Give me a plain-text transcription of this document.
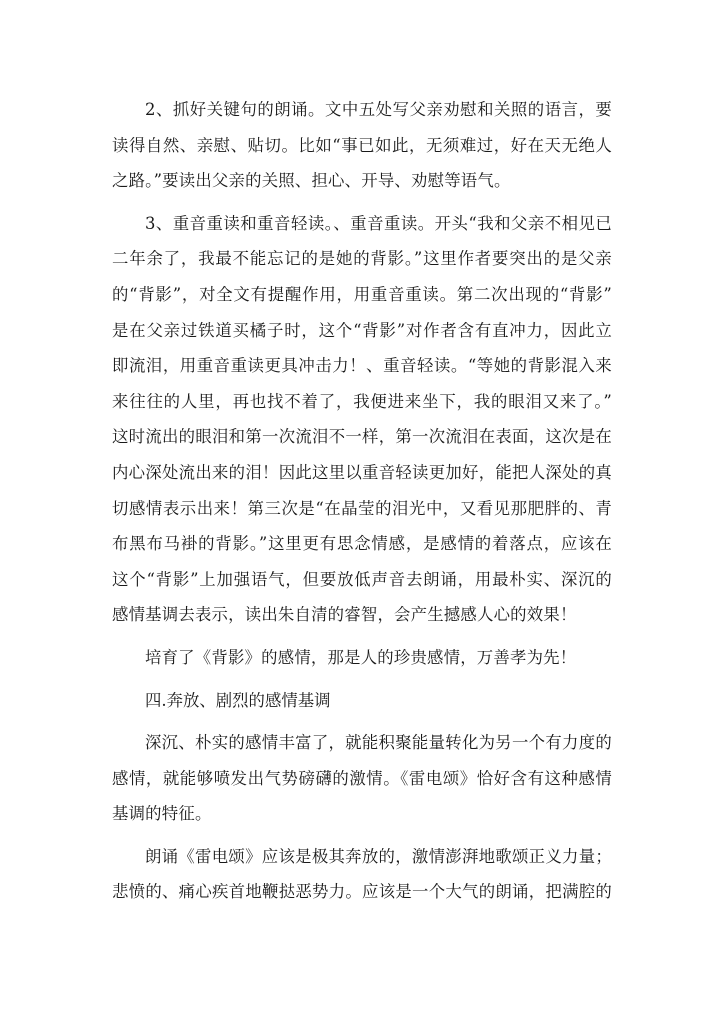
2、抓好关键句的朗诵。文中五处写父亲劝慰和关照的语言，要
读得自然、亲慰、贴切。比如“事已如此，无须难过，好在天无绝人
之路。”要读出父亲的关照、担心、开导、劝慰等语气。

3、重音重读和重音轻读。、重音重读。开头“我和父亲不相见已
二年余了，我最不能忘记的是她的背影。”这里作者要突出的是父亲
的“背影”，对全文有提醒作用，用重音重读。第二次出现的“背影”
是在父亲过铁道买橘子时，这个“背影”对作者含有直冲力，因此立
即流泪，用重音重读更具冲击力！、重音轻读。“等她的背影混入来
来往往的人里，再也找不着了，我便进来坐下，我的眼泪又来了。”
这时流出的眼泪和第一次流泪不一样，第一次流泪在表面，这次是在
内心深处流出来的泪！因此这里以重音轻读更加好，能把人深处的真
切感情表示出来！第三次是“在晶莹的泪光中，又看见那肥胖的、青
布黑布马褂的背影。”这里更有思念情感，是感情的着落点，应该在
这个“背影”上加强语气，但要放低声音去朗诵，用最朴实、深沉的
感情基调去表示，读出朱自清的睿智，会产生撼感人心的效果！

培育了《背影》的感情，那是人的珍贵感情，万善孝为先！

四.奔放、剧烈的感情基调

深沉、朴实的感情丰富了，就能积聚能量转化为另一个有力度的
感情，就能够喷发出气势磅礴的激情。《雷电颂》恰好含有这种感情
基调的特征。

朗诵《雷电颂》应该是极其奔放的，激情澎湃地歌颂正义力量；
悲愤的、痛心疾首地鞭挞恶势力。应该是一个大气的朗诵，把满腔的
